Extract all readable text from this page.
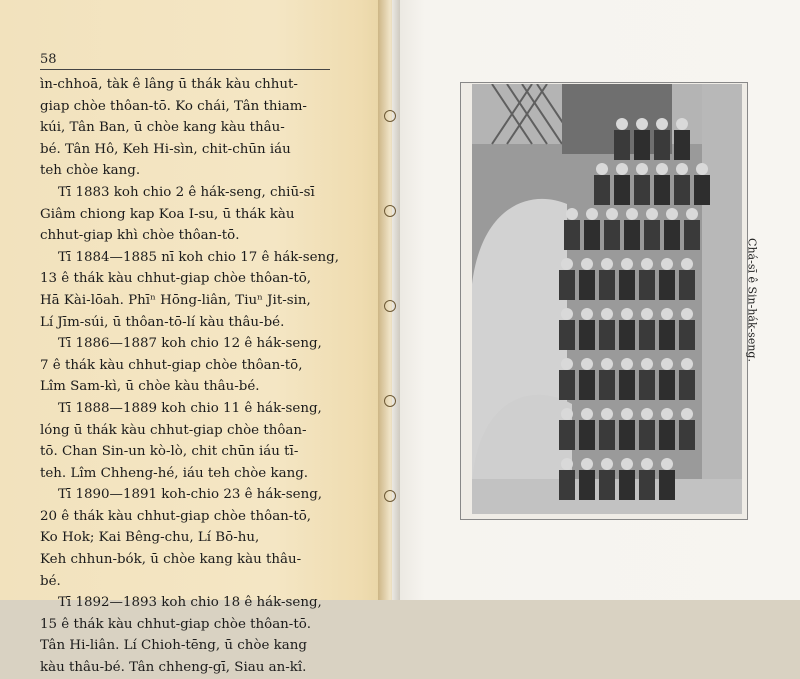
58
ìn-chhoā, tàk ê lâng ū thák kàu chhut-
giap chòe thôan-tō. Ko chái, Tân thiam-
kúi, Tân Ban, ū chòe kang kàu thâu-
bé. Tân Hô, Keh Hi-sìn, chit-chūn iáu
teh chòe kang.
Tī 1883 koh chio 2 ê hák-seng, chiū-sī
Giâm chiong kap Koa I-su, ū thák kàu
chhut-giap khì chòe thôan-tō.
Tī 1884—1885 nī koh chio 17 ê hák-seng,
13 ê thák kàu chhut-giap chòe thôan-tō,
Hā Kài-lōah. Phīⁿ Hōng-liân, Tiuⁿ Jit-sin,
Lí Jīm-súi, ū thôan-tō-lí kàu thâu-bé.
Tī 1886—1887 koh chio 12 ê hák-seng,
7 ê thák kàu chhut-giap chòe thôan-tō,
Lîm Sam-kì, ū chòe kàu thâu-bé.
Tī 1888—1889 koh chio 11 ê hák-seng,
lóng ū thák kàu chhut-giap chòe thôan-
tō. Chan Sin-un kò-lò, chit chūn iáu tī-
teh. Lîm Chheng-hé, iáu teh chòe kang.
Tī 1890—1891 koh-chio 23 ê hák-seng,
20 ê thák kàu chhut-giap chòe thôan-tō,
Ko Hok; Kai Bêng-chu, Lí Bō-hu,
Keh chhun-bók, ū chòe kang kàu thâu-
bé.
Tī 1892—1893 koh chio 18 ê hák-seng,
15 ê thák kàu chhut-giap chòe thôan-tō.
Tân Hi-liân. Lí Chioh-tēng, ū chòe kang
kàu thâu-bé. Tân chheng-gī, Siau an-kî.
Chá-sī ê Sin-hák-seng.
